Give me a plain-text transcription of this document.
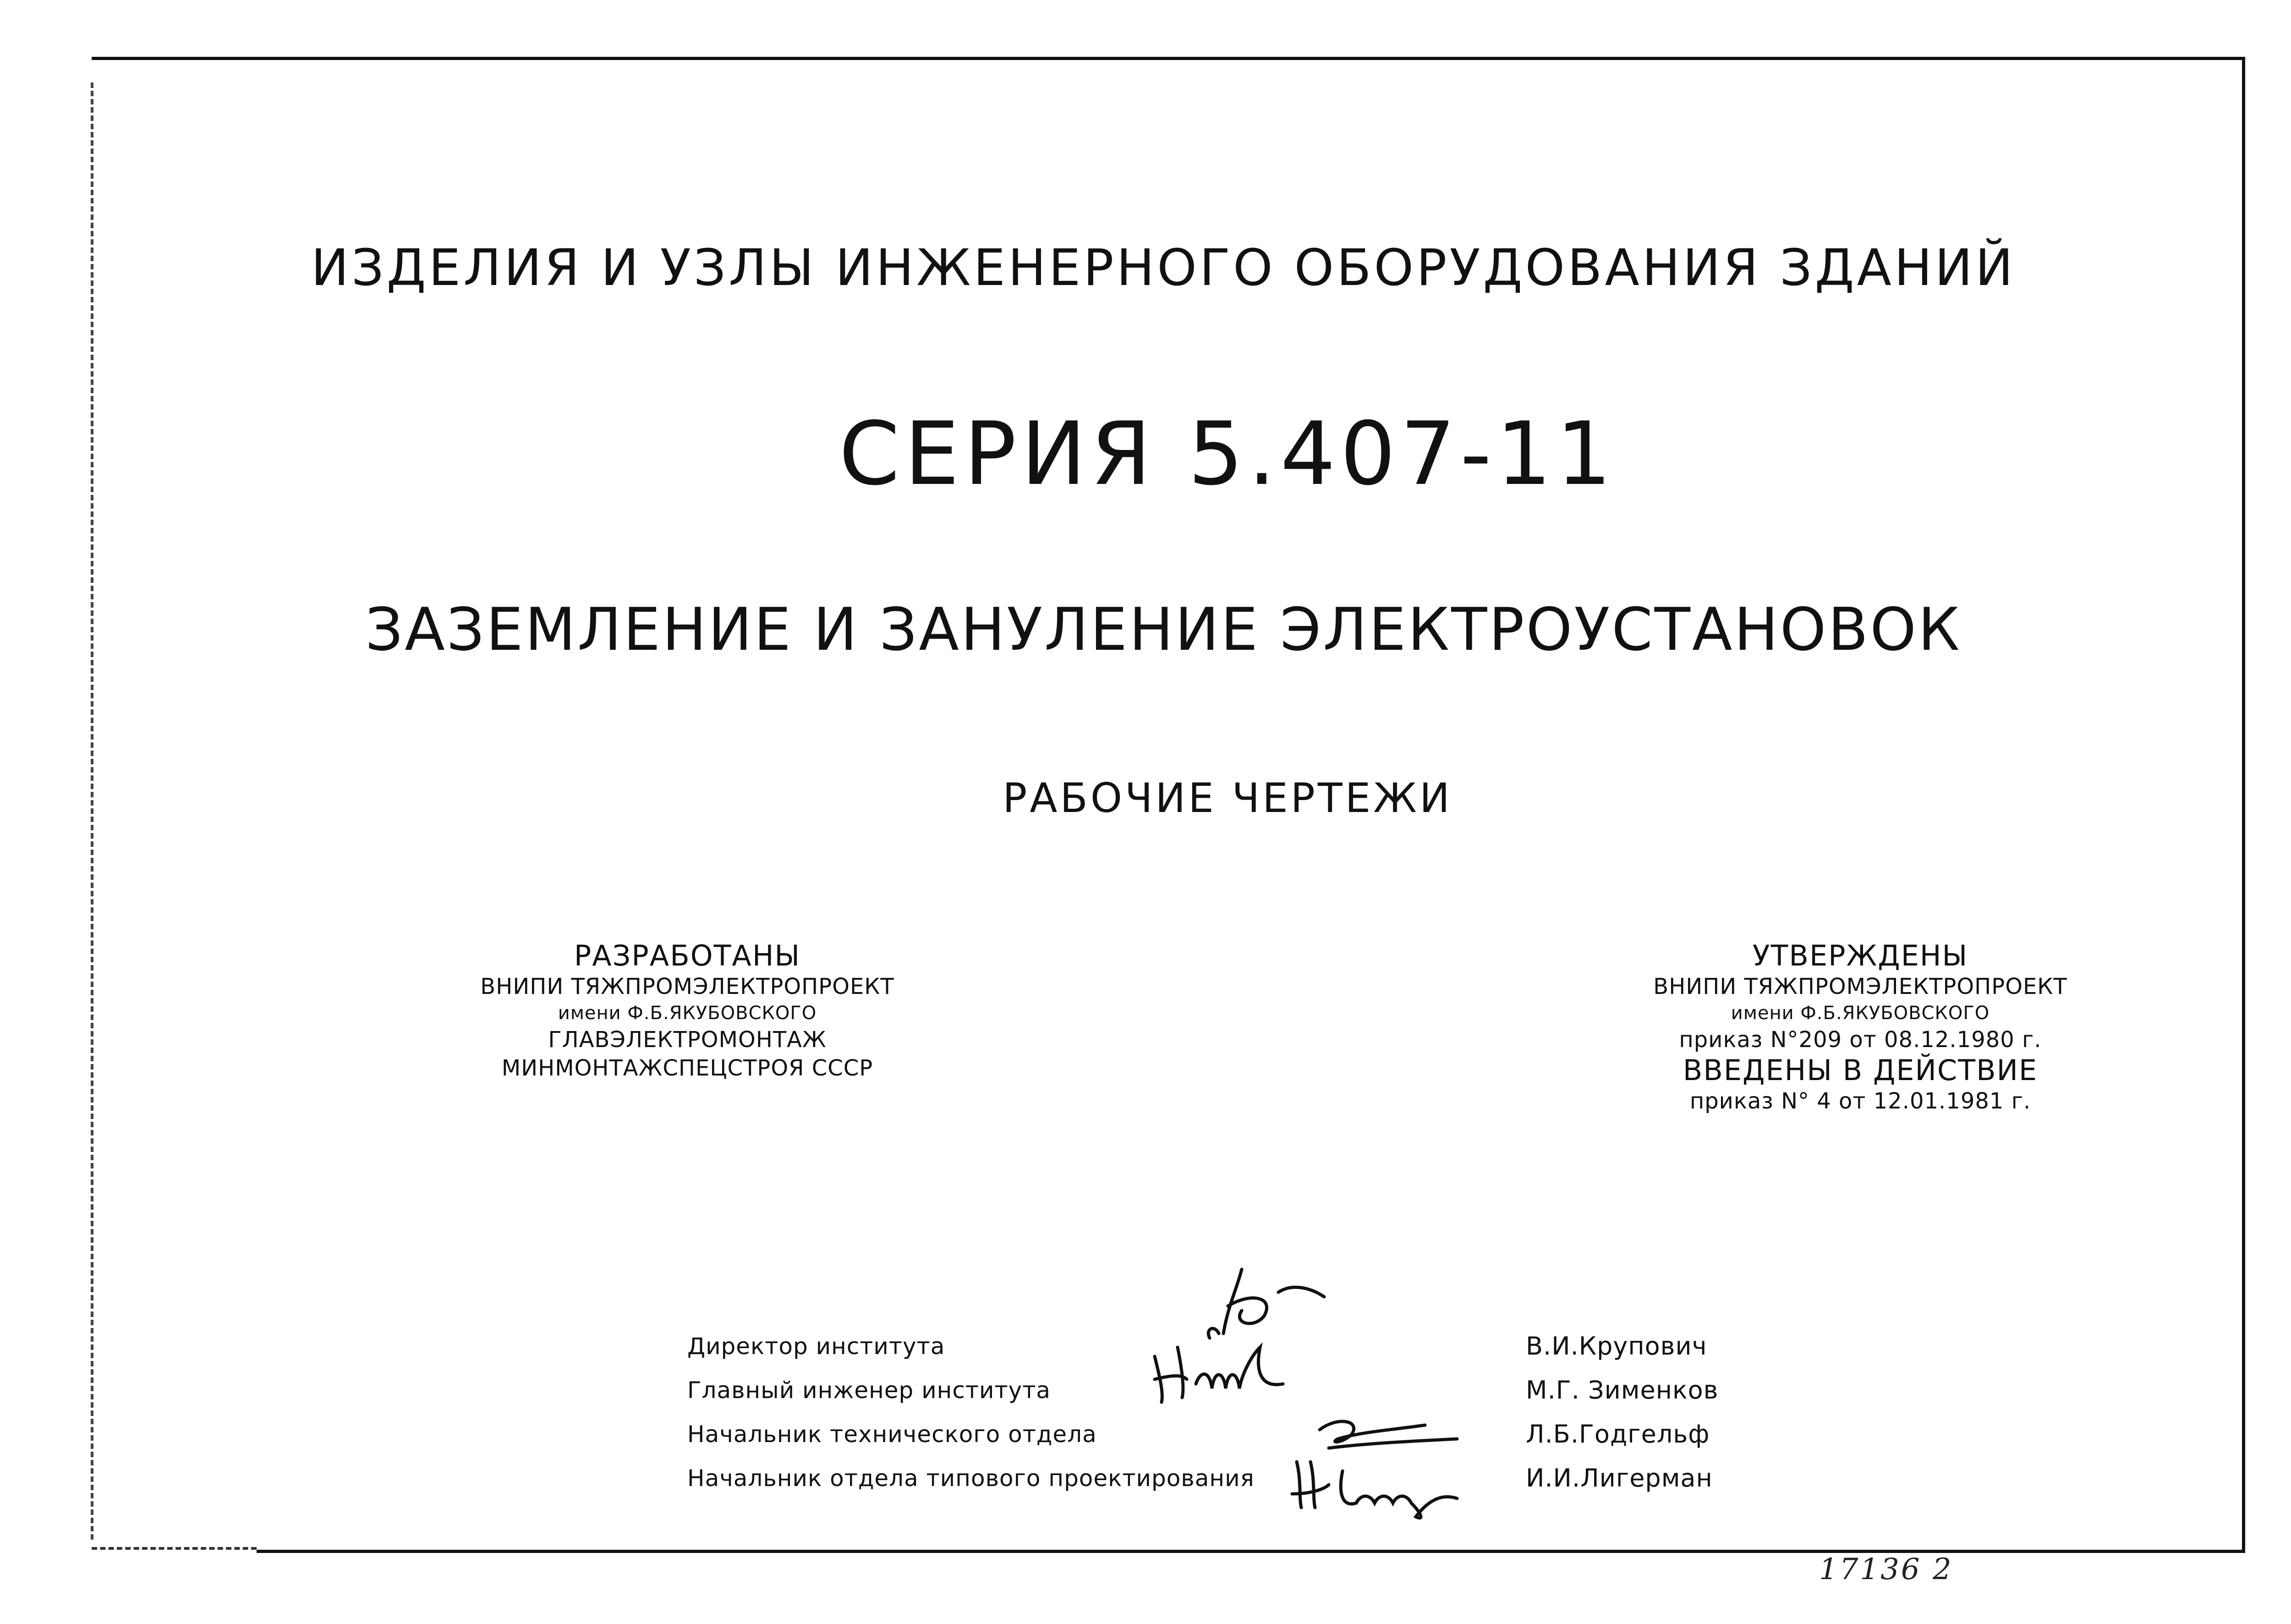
ИЗДЕЛИЯ И УЗЛЫ ИНЖЕНЕРНОГО ОБОРУДОВАНИЯ ЗДАНИЙ
СЕРИЯ 5.407-11
ЗАЗЕМЛЕНИЕ И ЗАНУЛЕНИЕ ЭЛЕКТРОУСТАНОВОК
РАБОЧИЕ ЧЕРТЕЖИ
РАЗРАБОТАНЫ
ВНИПИ ТЯЖПРОМЭЛЕКТРОПРОЕКТ
имени Ф.Б.ЯКУБОВСКОГО
ГЛАВЭЛЕКТРОМОНТАЖ
МИНМОНТАЖСПЕЦСТРОЯ СССР
УТВЕРЖДЕНЫ
ВНИПИ ТЯЖПРОМЭЛЕКТРОПРОЕКТ
имени Ф.Б.ЯКУБОВСКОГО
приказ N°209 от 08.12.1980 г.
ВВЕДЕНЫ В ДЕЙСТВИЕ
приказ N° 4 от 12.01.1981 г.
Директор института
Главный инженер института
Начальник технического отдела
Начальник отдела типового проектирования
В.И.Крупович
М.Г. Зименков
Л.Б.Годгельф
И.И.Лигерман
17136 2
